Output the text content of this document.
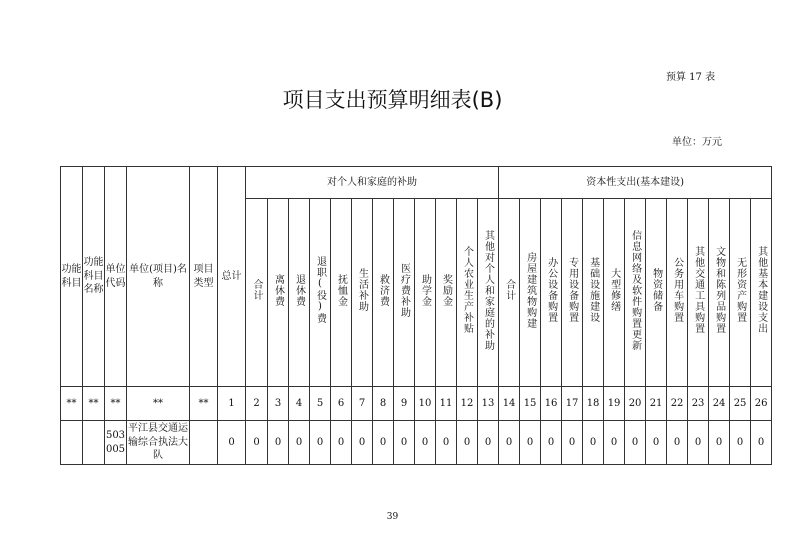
预算 17 表
项目支出预算明细表(B)
单位：万元
功能科目	功能科目名称	单位代码	单位(项目)名称	项目类型	总计	对个人和家庭的补助												资本性支出(基本建设)												
						合计	离休费	退休费	退职(役)费	抚恤金	生活补助	救济费	医疗费补助	助学金	奖励金	个人农业生产补贴	其他对个人和家庭的补助	合计	房屋建筑物购建	办公设备购置	专用设备购置	基础设施建设	大型修缮	信息网络及软件购置更新	物资储备	公务用车购置	其他交通工具购置	文物和陈列品购置	无形资产购置	其他基本建设支出
**	**	**	**	**	1	2	3	4	5	6	7	8	9	10	11	12	13	14	15	16	17	18	19	20	21	22	23	24	25	26
		503005	平江县交通运输综合执法大队		0	0	0	0	0	0	0	0	0	0	0	0	0	0	0	0	0	0	0	0	0	0	0	0	0	0
39
